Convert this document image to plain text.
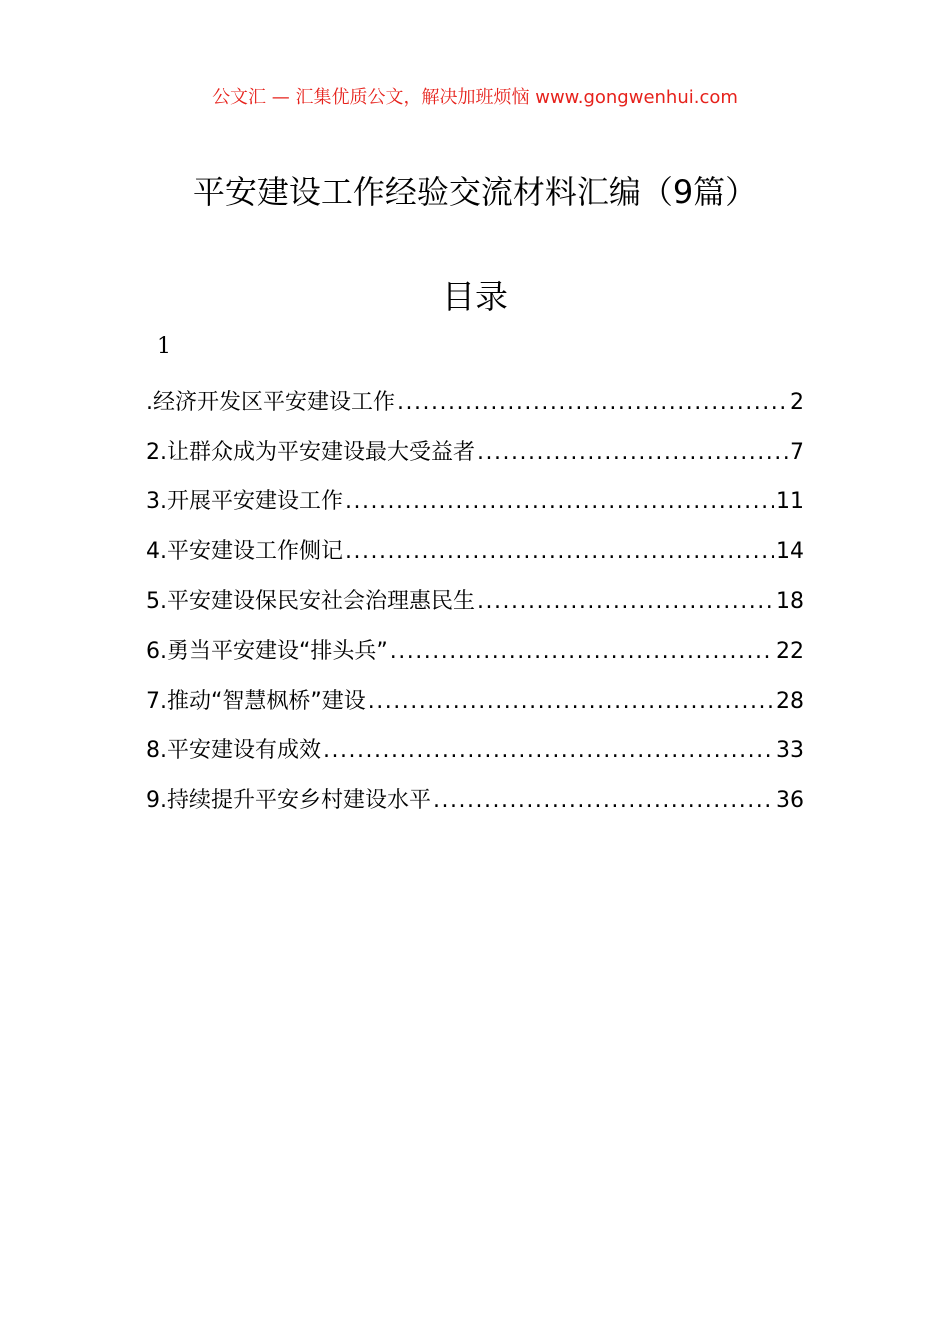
公文汇 — 汇集优质公文，解决加班烦恼 www.gongwenhui.com
平安建设工作经验交流材料汇编（9篇）
目录
1
.经济开发区平安建设工作 .....	2
2.让群众成为平安建设最大受益者 .....	7
3.开展平安建设工作 .....	11
4.平安建设工作侧记 .....	14
5.平安建设保民安社会治理惠民生 .....	18
6.勇当平安建设“排头兵” .....	22
7.推动“智慧枫桥”建设 .....	28
8.平安建设有成效 .....	33
9.持续提升平安乡村建设水平 .....	36
